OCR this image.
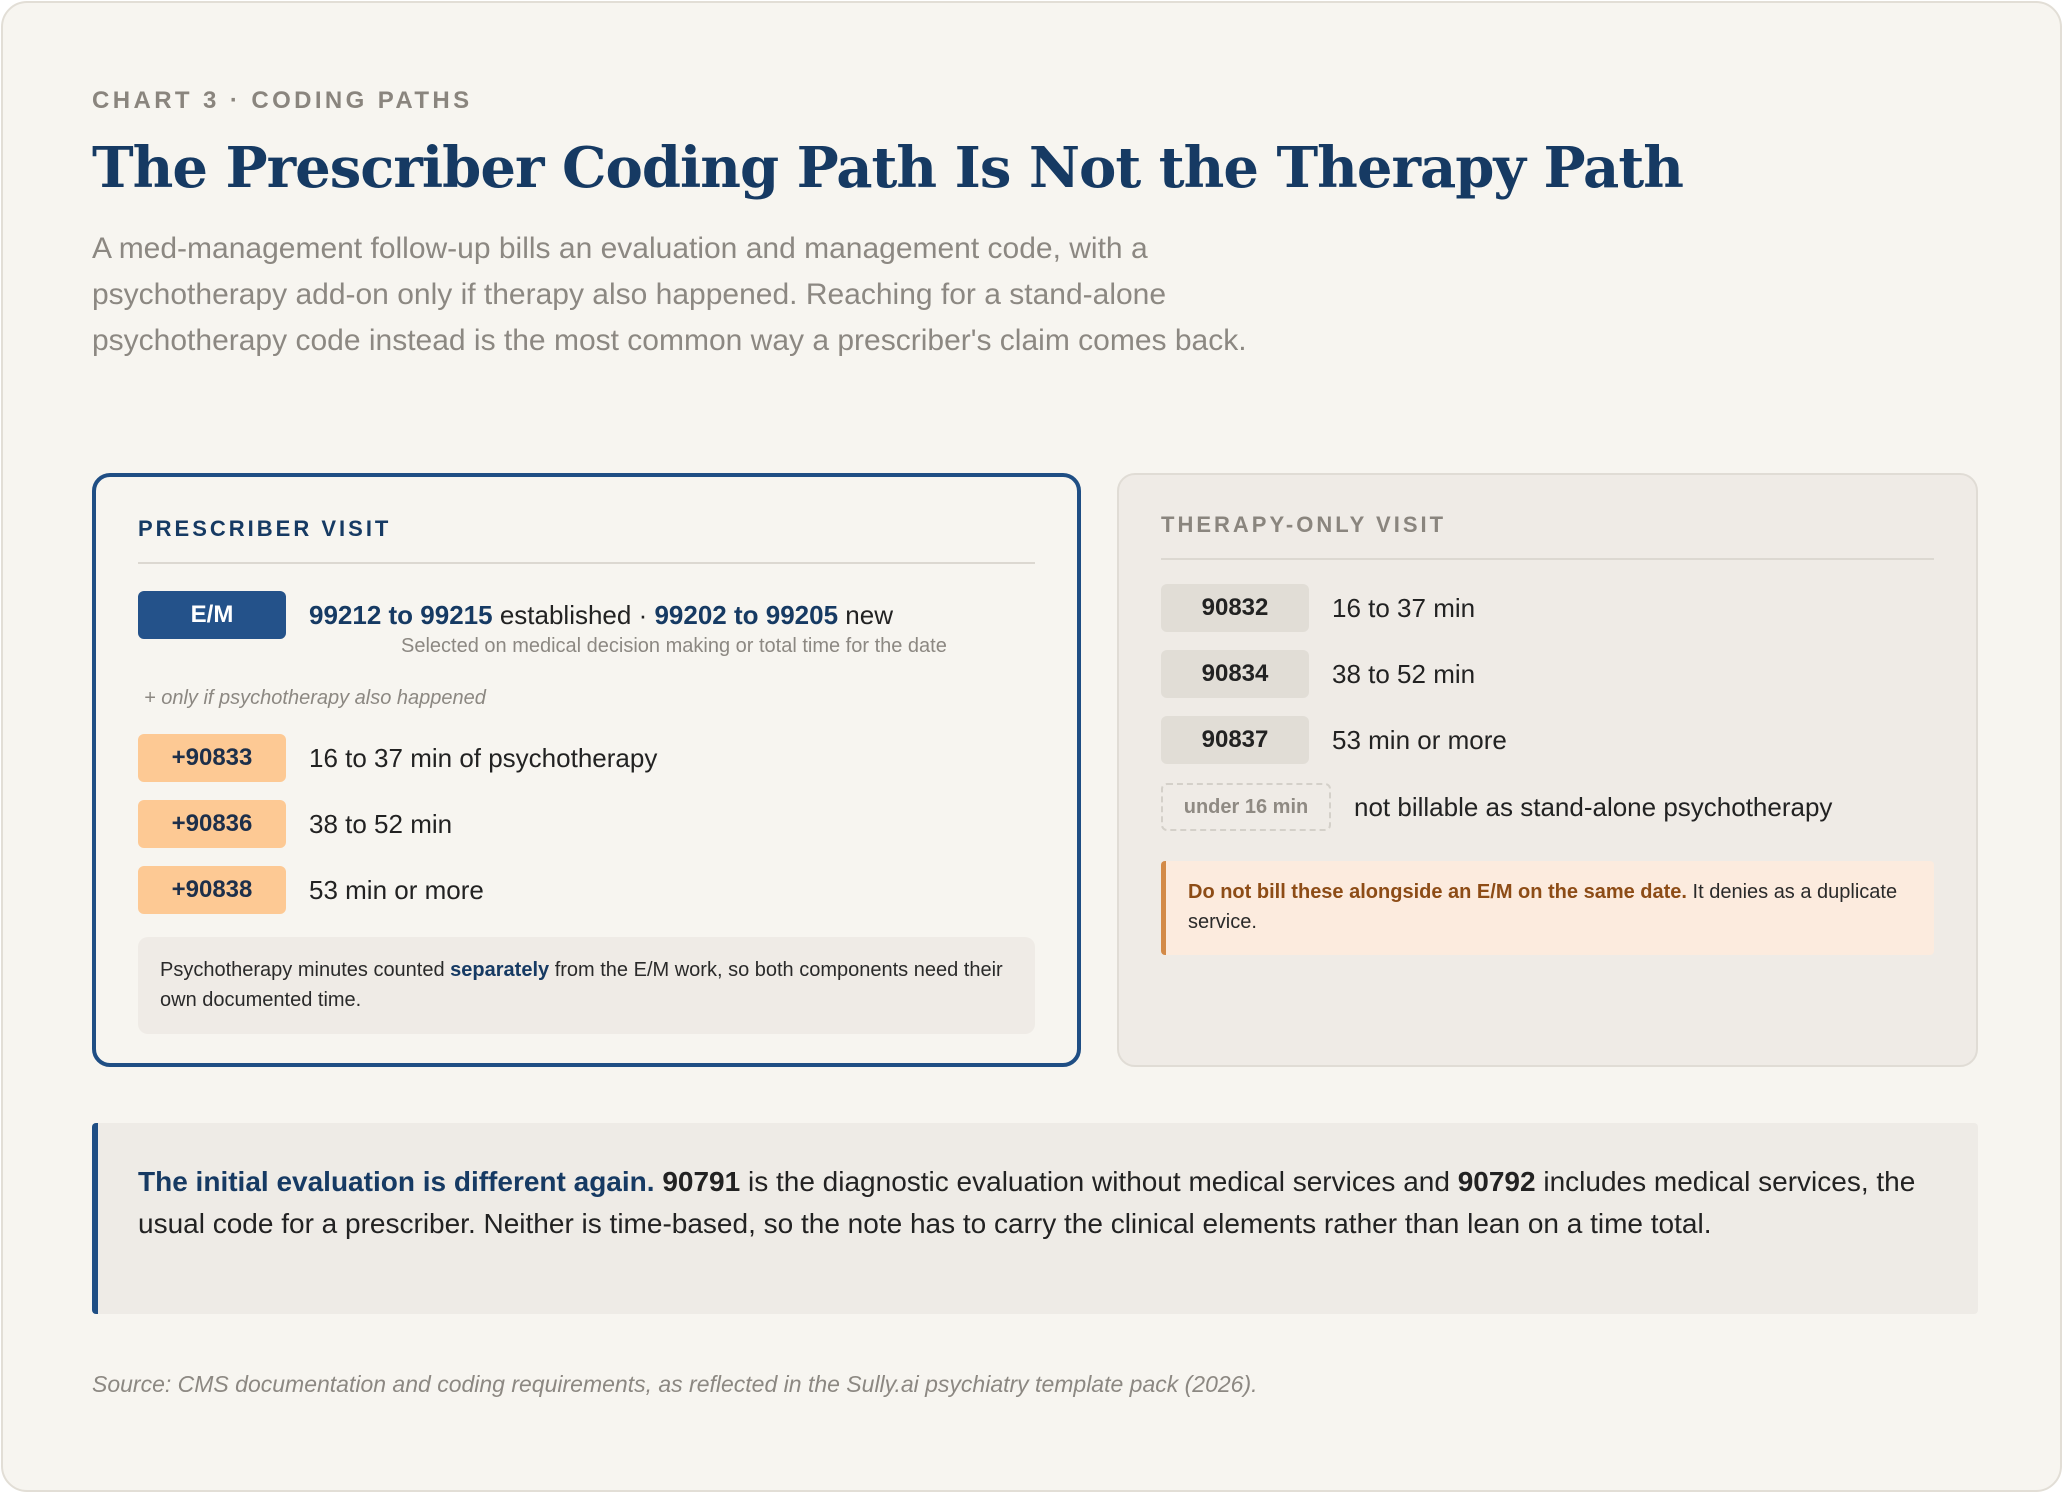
CHART 3 · CODING PATHS
The Prescriber Coding Path Is Not the Therapy Path
A med-management follow-up bills an evaluation and management code, with a psychotherapy add-on only if therapy also happened. Reaching for a stand-alone psychotherapy code instead is the most common way a prescriber's claim comes back.
PRESCRIBER VISIT
E/M	99212 to 99215 established · 99202 to 99205 new
Selected on medical decision making or total time for the date
+ only if psychotherapy also happened
+90833	16 to 37 min of psychotherapy
+90836	38 to 52 min
+90838	53 min or more
Psychotherapy minutes counted separately from the E/M work, so both components need their own documented time.
THERAPY-ONLY VISIT
90832	16 to 37 min
90834	38 to 52 min
90837	53 min or more
under 16 min	not billable as stand-alone psychotherapy
Do not bill these alongside an E/M on the same date. It denies as a duplicate service.
The initial evaluation is different again. 90791 is the diagnostic evaluation without medical services and 90792 includes medical services, the usual code for a prescriber. Neither is time-based, so the note has to carry the clinical elements rather than lean on a time total.
Source: CMS documentation and coding requirements, as reflected in the Sully.ai psychiatry template pack (2026).
